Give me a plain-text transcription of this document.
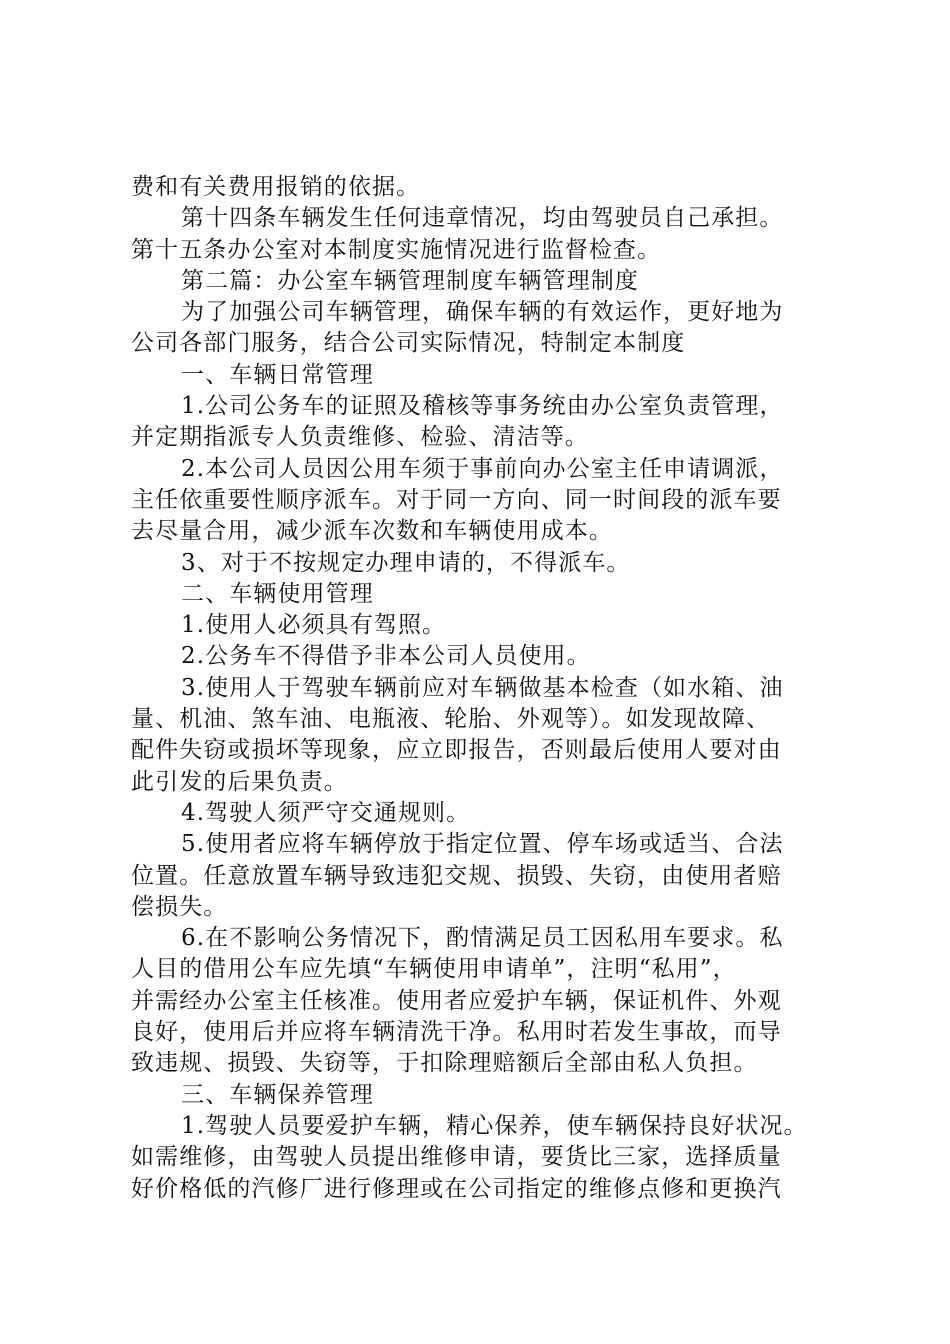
费和有关费用报销的依据。
第十四条车辆发生任何违章情况，均由驾驶员自己承担。
第十五条办公室对本制度实施情况进行监督检查。
第二篇：办公室车辆管理制度车辆管理制度
为了加强公司车辆管理，确保车辆的有效运作，更好地为
公司各部门服务，结合公司实际情况，特制定本制度
一、车辆日常管理
1.公司公务车的证照及稽核等事务统由办公室负责管理，
并定期指派专人负责维修、检验、清洁等。
2.本公司人员因公用车须于事前向办公室主任申请调派，
主任依重要性顺序派车。对于同一方向、同一时间段的派车要
去尽量合用，减少派车次数和车辆使用成本。
3、对于不按规定办理申请的，不得派车。
二、车辆使用管理
1.使用人必须具有驾照。
2.公务车不得借予非本公司人员使用。
3.使用人于驾驶车辆前应对车辆做基本检查（如水箱、油
量、机油、煞车油、电瓶液、轮胎、外观等）。如发现故障、
配件失窃或损坏等现象，应立即报告，否则最后使用人要对由
此引发的后果负责。
4.驾驶人须严守交通规则。
5.使用者应将车辆停放于指定位置、停车场或适当、合法
位置。任意放置车辆导致违犯交规、损毁、失窃，由使用者赔
偿损失。
6.在不影响公务情况下，酌情满足员工因私用车要求。私
人目的借用公车应先填“车辆使用申请单”，注明“私用”，
并需经办公室主任核准。使用者应爱护车辆，保证机件、外观
良好，使用后并应将车辆清洗干净。私用时若发生事故，而导
致违规、损毁、失窃等，于扣除理赔额后全部由私人负担。
三、车辆保养管理
1.驾驶人员要爱护车辆，精心保养，使车辆保持良好状况。
如需维修，由驾驶人员提出维修申请，要货比三家，选择质量
好价格低的汽修厂进行修理或在公司指定的维修点修和更换汽
